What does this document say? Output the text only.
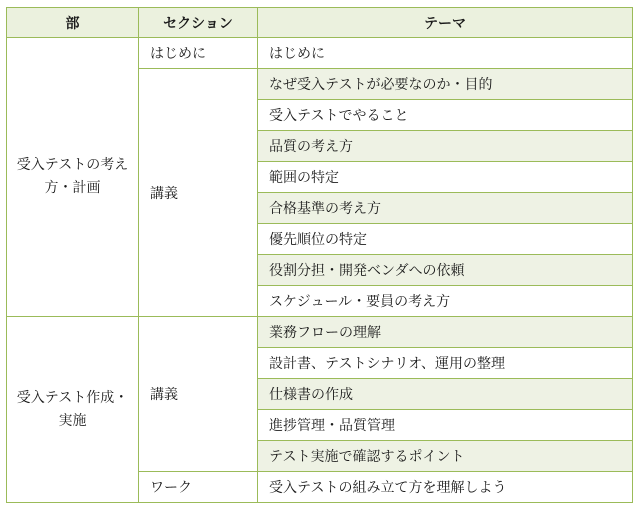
部	セクション	テーマ
受入テストの考え方・計画	はじめに	はじめに
	講義	なぜ受入テストが必要なのか・目的
		受入テストでやること
		品質の考え方
		範囲の特定
		合格基準の考え方
		優先順位の特定
		役割分担・開発ベンダへの依頼
		スケジュール・要員の考え方
受入テスト作成・実施	講義	業務フローの理解
		設計書、テストシナリオ、運用の整理
		仕様書の作成
		進捗管理・品質管理
		テスト実施で確認するポイント
	ワーク	受入テストの組み立て方を理解しよう
